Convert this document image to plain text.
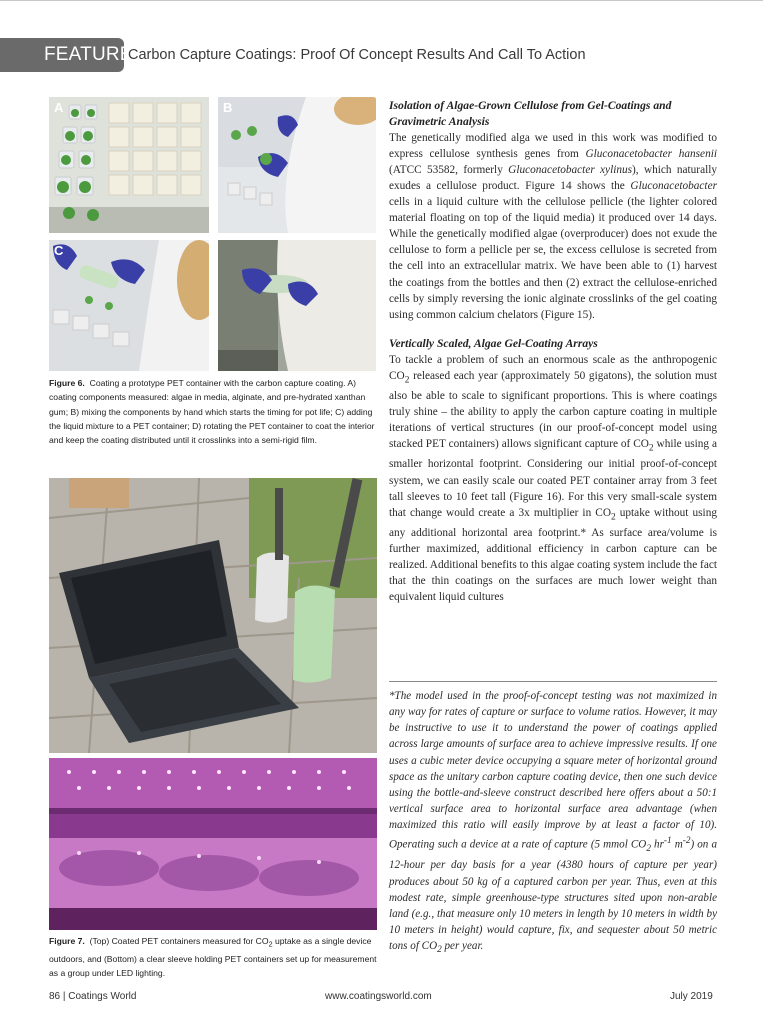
FEATURE
Carbon Capture Coatings: Proof Of Concept Results And Call To Action
A	B
C
Figure 6. Coating a prototype PET container with the carbon capture coating. A) coating components measured: algae in media, alginate, and pre-hydrated xanthan gum; B) mixing the components by hand which starts the timing for pot life; C) adding the liquid mixture to a PET container; D) rotating the PET container to coat the interior and keep the coating distributed until it crosslinks into a semi-rigid film.
Figure 7. (Top) Coated PET containers measured for $CO_2$ uptake as a single device outdoors, and (Bottom) a clear sleeve holding PET containers set up for measurement as a group under LED lighting.
Isolation of Algae-Grown Cellulose from Gel-Coatings and Gravimetric Analysis

The genetically modified alga we used in this work was modified to express cellulose synthesis genes from Gluconacetobacter hansenii (ATCC 53582, formerly Gluconacetobacter xylinus), which naturally exudes a cellulose product. Figure 14 shows the Gluconacetobacter cells in a liquid culture with the cellulose pellicle (the lighter colored material floating on top of the liquid media) it produced over 14 days. While the genetically modified algae (overproducer) does not exude the cellulose to form a pellicle per se, the excess cellulose is secreted from the cell into an extracellular matrix. We have been able to (1) harvest the coatings from the bottles and then (2) extract the cellulose-enriched cells by simply reversing the ionic alginate crosslinks of the gel coating using common calcium chelators (Figure 15).

Vertically Scaled, Algae Gel-Coating Arrays

To tackle a problem of such an enormous scale as the anthropogenic $CO_2$ released each year (approximately 50 gigatons), the solution must also be able to scale to significant proportions. This is where coatings truly shine – the ability to apply the carbon capture coating in multiple iterations of vertical structures (in our proof-of-concept model using stacked PET containers) allows significant capture of $CO_2$ while using a smaller horizontal footprint. Considering our initial proof-of-concept system, we can easily scale our coated PET container array from 3 feet tall sleeves to 10 feet tall (Figure 16). For this very small-scale system that change would create a 3x multiplier in $CO_2$ uptake without using any additional horizontal area footprint.* As surface area/volume is further maximized, additional efficiency in carbon capture can be realized. Additional benefits to this algae coating system include the fact that the thin coatings on the surfaces are much lower weight than equivalent liquid cultures

*The model used in the proof-of-concept testing was not maximized in any way for rates of capture or surface to volume ratios. However, it may be instructive to use it to understand the power of coatings applied across large amounts of surface area to achieve impressive results. If one uses a cubic meter device occupying a square meter of horizontal ground space as the unitary carbon capture coating device, then one such device using the bottle-and-sleeve construct described here offers about a 50:1 vertical surface area to horizontal surface area advantage (when maximized this ratio will easily improve by at least a factor of 10). Operating such a device at a rate of capture (5 mmol $CO_2$ $hr^{-1}$ $m^{-2}$) on a 12-hour per day basis for a year (4380 hours of capture per year) produces about 50 kg of a captured carbon per year. Thus, even at this modest rate, simple greenhouse-type structures sited upon non-arable land (e.g., that measure only 10 meters in length by 10 meters in width by 10 meters in height) would capture, fix, and sequester about 50 metric tons of $CO_2$ per year.
86 | Coatings World	www.coatingsworld.com	July 2019
